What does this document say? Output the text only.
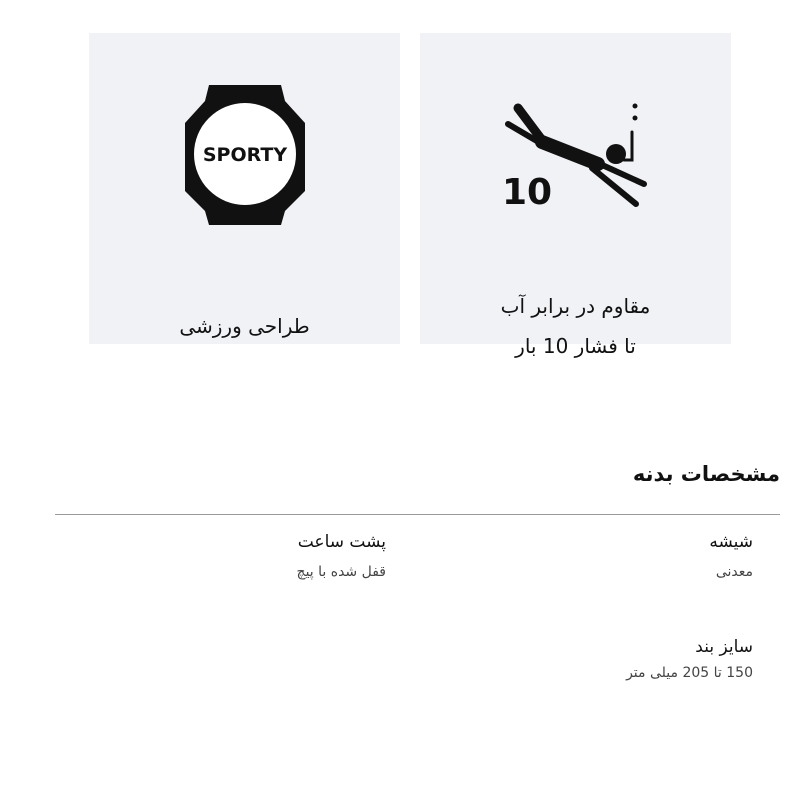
10
مقاوم در برابر آب
تا فشار 10 بار
SPORTY
طراحی ورزشی
مشخصات بدنه
شیشه
معدنی
پشت ساعت
قفل شده با پیچ
سایز بند
150 تا 205 میلی متر
